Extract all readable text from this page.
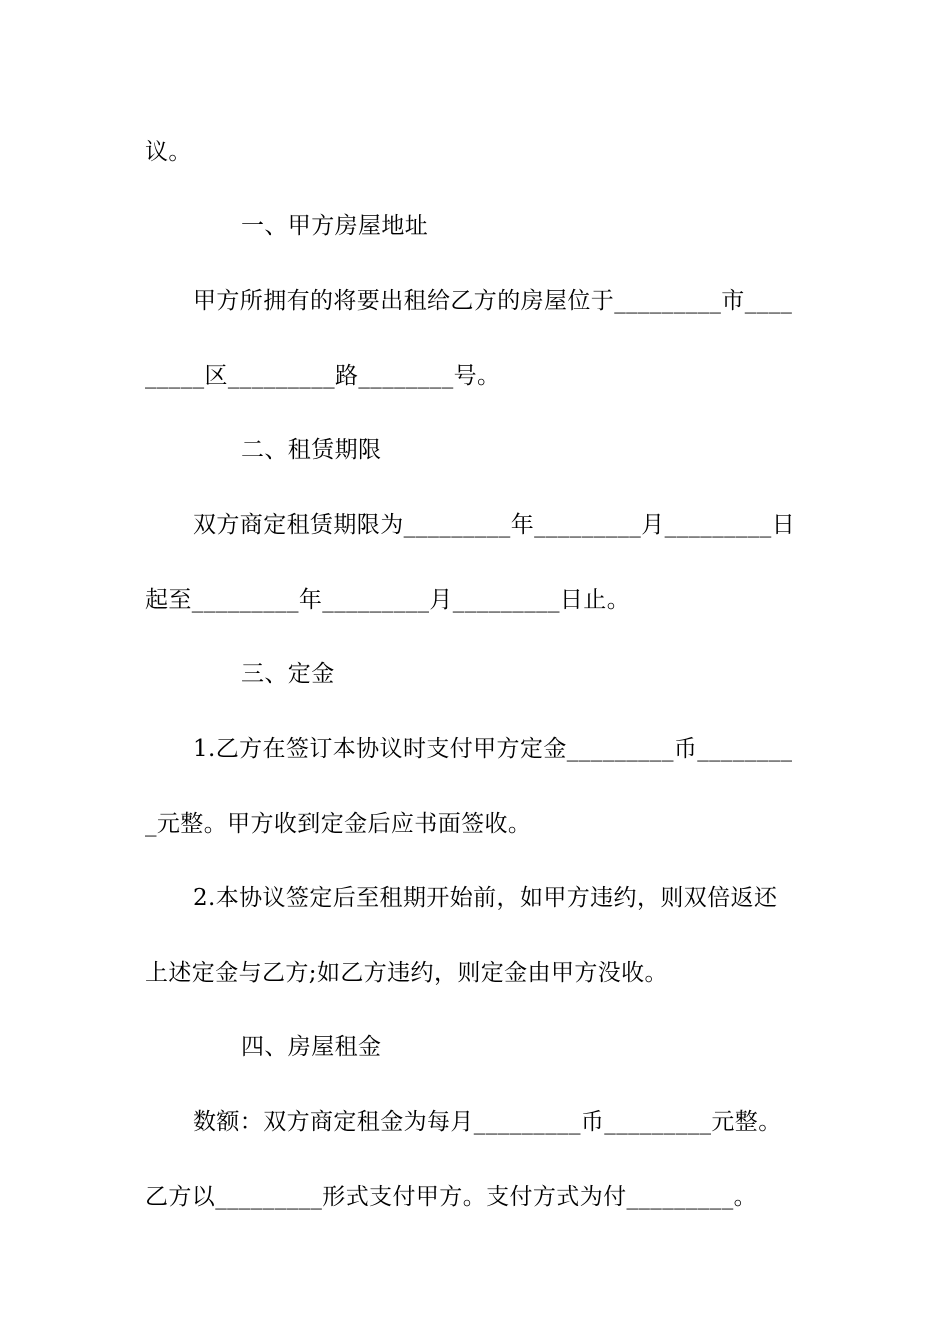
议。
一、甲方房屋地址
甲方所拥有的将要出租给乙方的房屋位于_________市____
_____区_________路________号。
二、租赁期限
双方商定租赁期限为_________年_________月_________日
起至_________年_________月_________日止。
三、定金
1.乙方在签订本协议时支付甲方定金_________币________
_元整。甲方收到定金后应书面签收。
2.本协议签定后至租期开始前，如甲方违约，则双倍返还
上述定金与乙方;如乙方违约，则定金由甲方没收。
四、房屋租金
数额：双方商定租金为每月_________币_________元整。
乙方以_________形式支付甲方。支付方式为付_________。
